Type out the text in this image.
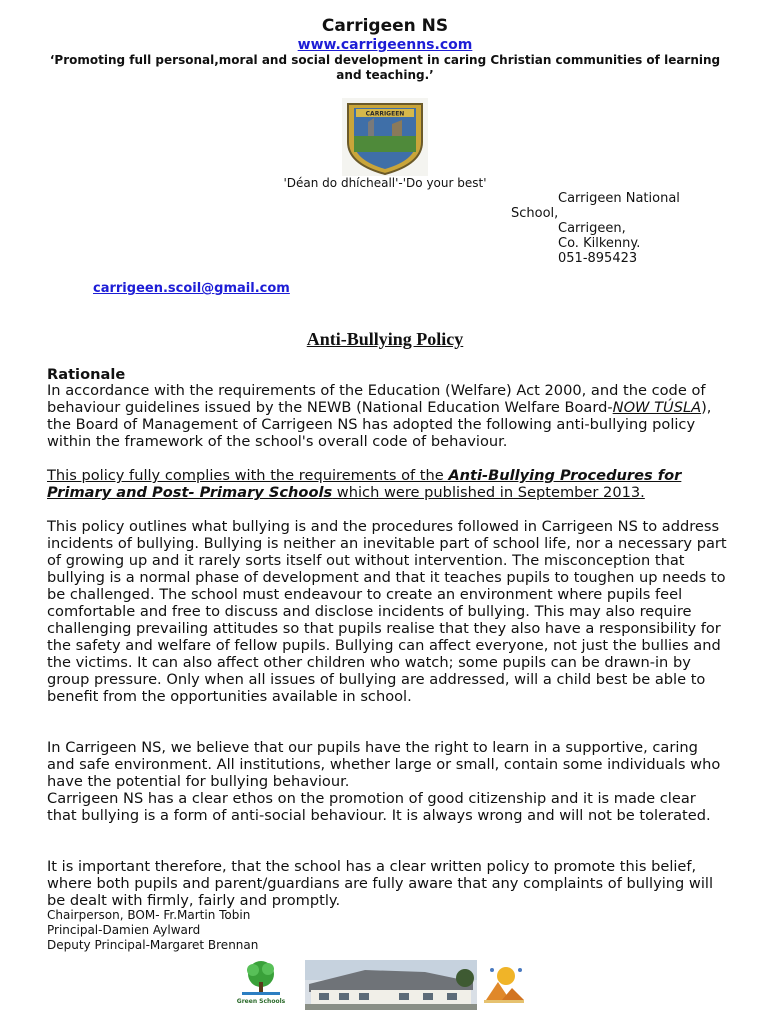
Carrigeen NS
www.carrigeenns.com
‘Promoting full personal,moral and social development in caring Christian communities of learning and teaching.’
CARRIGEEN
'Déan do dhícheall'-'Do your best'
Carrigeen National
School,
Carrigeen,
Co. Kilkenny.
051-895423
carrigeen.scoil@gmail.com
Anti-Bullying Policy
Rationale
In accordance with the requirements of the Education (Welfare) Act 2000, and the code of behaviour guidelines issued by the NEWB (National Education Welfare Board-NOW TÚSLA), the Board of Management of Carrigeen NS has adopted the following anti-bullying policy within the framework of the school's overall code of behaviour.
This policy fully complies with the requirements of the Anti-Bullying Procedures for Primary and Post- Primary Schools which were published in September 2013.
This policy outlines what bullying is and the procedures followed in Carrigeen NS to address incidents of bullying. Bullying is neither an inevitable part of school life, nor a necessary part of growing up and it rarely sorts itself out without intervention. The misconception that bullying is a normal phase of development and that it teaches pupils to toughen up needs to be challenged. The school must endeavour to create an environment where pupils feel comfortable and free to discuss and disclose incidents of bullying. This may also require challenging prevailing attitudes so that pupils realise that they also have a responsibility for the safety and welfare of fellow pupils. Bullying can affect everyone, not just the bullies and the victims. It can also affect other children who watch; some pupils can be drawn-in by group pressure. Only when all issues of bullying are addressed, will a child best be able to benefit from the opportunities available in school.
In Carrigeen NS, we believe that our pupils have the right to learn in a supportive, caring and safe environment. All institutions, whether large or small, contain some individuals who have the potential for bullying behaviour.
Carrigeen NS has a clear ethos on the promotion of good citizenship and it is made clear that bullying is a form of anti-social behaviour. It is always wrong and will not be tolerated.
It is important therefore, that the school has a clear written policy to promote this belief, where both pupils and parent/guardians are fully aware that any complaints of bullying will be dealt with firmly, fairly and promptly.
Chairperson, BOM- Fr.Martin Tobin
Principal-Damien Aylward
Deputy Principal-Margaret Brennan
Green Schools
